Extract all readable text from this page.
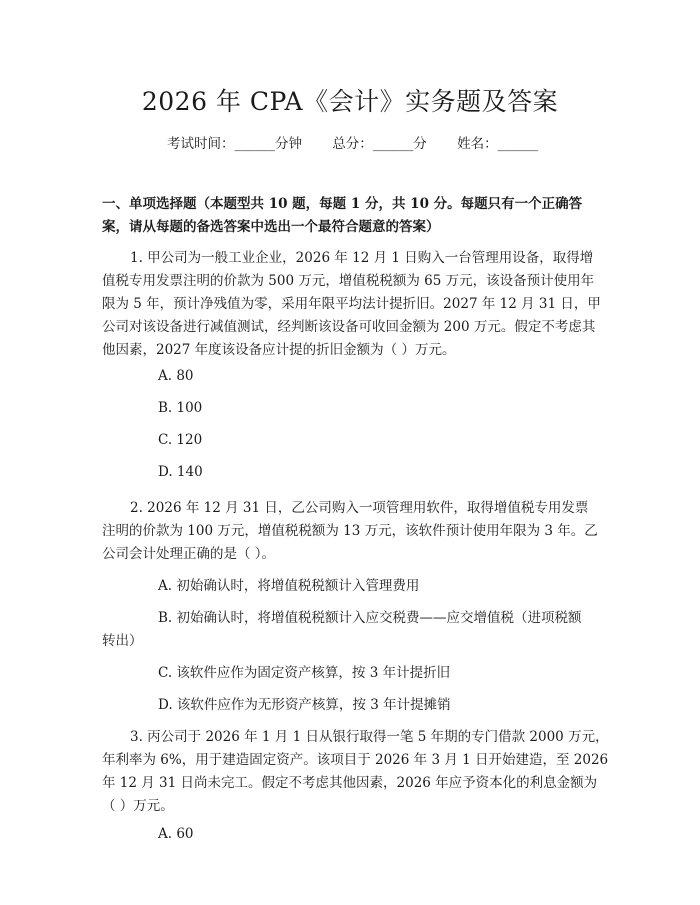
2026 年 CPA《会计》实务题及答案
考试时间：______分钟 总分：______分 姓名：______
一、单项选择题（本题型共 10 题，每题 1 分，共 10 分。每题只有一个正确答
案，请从每题的备选答案中选出一个最符合题意的答案）
1. 甲公司为一般工业企业，2026 年 12 月 1 日购入一台管理用设备，取得增
值税专用发票注明的价款为 500 万元，增值税税额为 65 万元，该设备预计使用年
限为 5 年，预计净残值为零，采用年限平均法计提折旧。2027 年 12 月 31 日，甲
公司对该设备进行减值测试，经判断该设备可收回金额为 200 万元。假定不考虑其
他因素，2027 年度该设备应计提的折旧金额为（ ）万元。
A. 80
B. 100
C. 120
D. 140
2. 2026 年 12 月 31 日，乙公司购入一项管理用软件，取得增值税专用发票
注明的价款为 100 万元，增值税税额为 13 万元，该软件预计使用年限为 3 年。乙
公司会计处理正确的是（ ）。
A. 初始确认时，将增值税税额计入管理费用
B. 初始确认时，将增值税税额计入应交税费——应交增值税（进项税额
转出）
C. 该软件应作为固定资产核算，按 3 年计提折旧
D. 该软件应作为无形资产核算，按 3 年计提摊销
3. 丙公司于 2026 年 1 月 1 日从银行取得一笔 5 年期的专门借款 2000 万元，
年利率为 6%，用于建造固定资产。该项目于 2026 年 3 月 1 日开始建造，至 2026
年 12 月 31 日尚未完工。假定不考虑其他因素，2026 年应予资本化的利息金额为
（ ）万元。
A. 60
